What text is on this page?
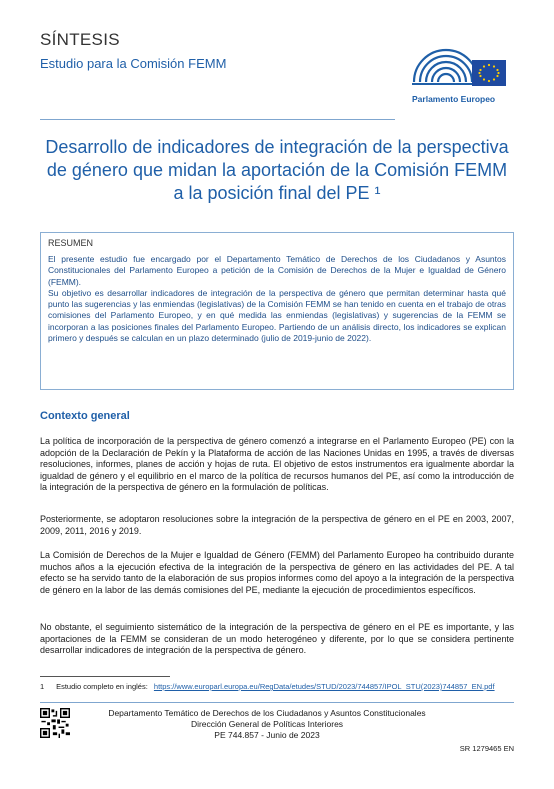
SÍNTESIS
Estudio para la Comisión FEMM
Parlamento Europeo
Desarrollo de indicadores de integración de la perspectiva
de género que midan la aportación de la Comisión FEMM
a la posición final del PE ¹
RESUMEN

El presente estudio fue encargado por el Departamento Temático de Derechos de los Ciudadanos y Asuntos Constitucionales del Parlamento Europeo a petición de la Comisión de Derechos de la Mujer e Igualdad de Género (FEMM).

Su objetivo es desarrollar indicadores de integración de la perspectiva de género que permitan determinar hasta qué punto las sugerencias y las enmiendas (legislativas) de la Comisión FEMM se han tenido en cuenta en el trabajo de otras comisiones del Parlamento Europeo, y en qué medida las enmiendas (legislativas) y sugerencias de la FEMM se incorporan a las posiciones finales del Parlamento Europeo. Partiendo de un análisis directo, los indicadores se explican primero y después se calculan en un plazo determinado (julio de 2019-junio de 2022).

Contexto general

La política de incorporación de la perspectiva de género comenzó a integrarse en el Parlamento Europeo (PE) con la adopción de la Declaración de Pekín y la Plataforma de acción de las Naciones Unidas en 1995, a través de diversas resoluciones, informes, planes de acción y hojas de ruta. El objetivo de estos instrumentos era igualmente abordar la igualdad de género y el equilibrio en el marco de la política de recursos humanos del PE, así como la introducción de la integración de la perspectiva de género en la formulación de políticas.

Posteriormente, se adoptaron resoluciones sobre la integración de la perspectiva de género en el PE en 2003, 2007, 2009, 2011, 2016 y 2019.

La Comisión de Derechos de la Mujer e Igualdad de Género (FEMM) del Parlamento Europeo ha contribuido durante muchos años a la ejecución efectiva de la integración de la perspectiva de género en las actividades del PE. A tal efecto se ha servido tanto de la elaboración de sus propios informes como del apoyo a la integración de la perspectiva de género en la labor de las demás comisiones del PE, mediante la ejecución de procedimientos específicos.

No obstante, el seguimiento sistemático de la integración de la perspectiva de género en el PE es importante, y las aportaciones de la FEMM se consideran de un modo heterogéneo y diferente, por lo que se considera pertinente desarrollar indicadores de integración de la perspectiva de género.

1 Estudio completo en inglés: https://www.europarl.europa.eu/RegData/etudes/STUD/2023/744857/IPOL_STU(2023)744857_EN.pdf
Departamento Temático de Derechos de los Ciudadanos y Asuntos Constitucionales
Dirección General de Políticas Interiores
PE 744.857 - Junio de 2023
SR 1279465 EN
